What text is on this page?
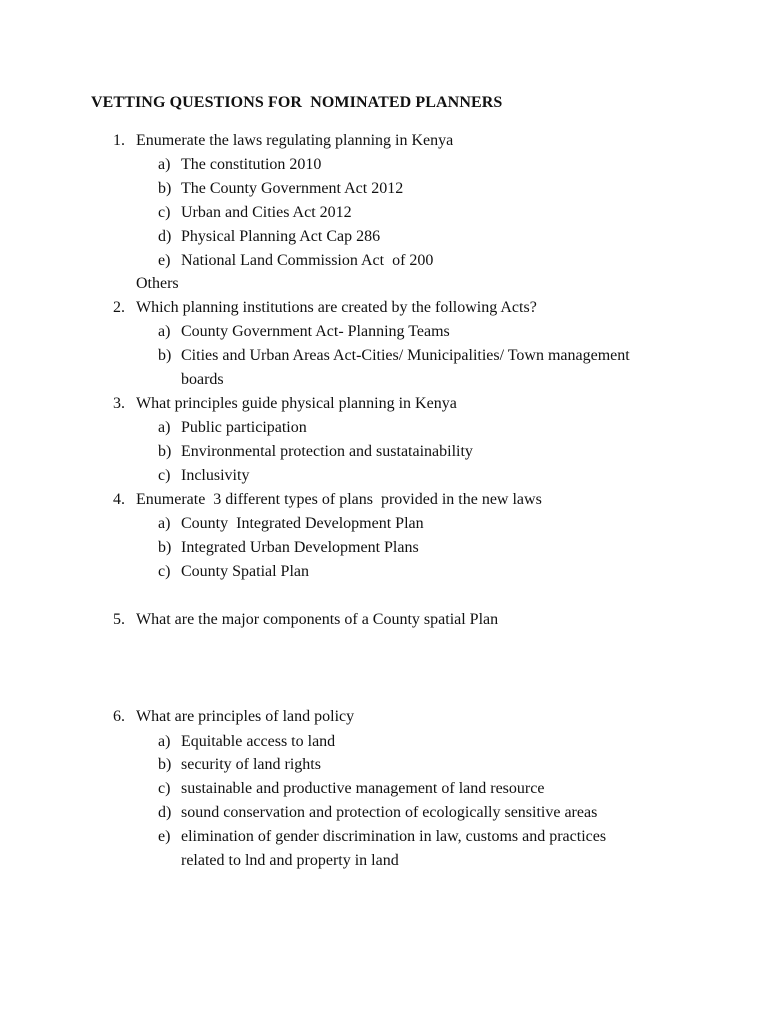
VETTING QUESTIONS FOR  NOMINATED PLANNERS

1.

Enumerate the laws regulating planning in Kenya

a)

The constitution 2010

b)

The County Government Act 2012

c)

Urban and Cities Act 2012

d)

Physical Planning Act Cap 286

e)

National Land Commission Act  of 200

Others

2.

Which planning institutions are created by the following Acts?

a)

County Government Act- Planning Teams

b)

Cities and Urban Areas Act-Cities/ Municipalities/ Town management

boards

3.

What principles guide physical planning in Kenya

a)

Public participation

b)

Environmental protection and sustatainability

c)

Inclusivity

4.

Enumerate  3 different types of plans  provided in the new laws

a)

County  Integrated Development Plan

b)

Integrated Urban Development Plans

c)

County Spatial Plan

5.

What are the major components of a County spatial Plan

6.

What are principles of land policy

a)

Equitable access to land

b)

security of land rights

c)

sustainable and productive management of land resource

d)

sound conservation and protection of ecologically sensitive areas

e)

elimination of gender discrimination in law, customs and practices

related to lnd and property in land
